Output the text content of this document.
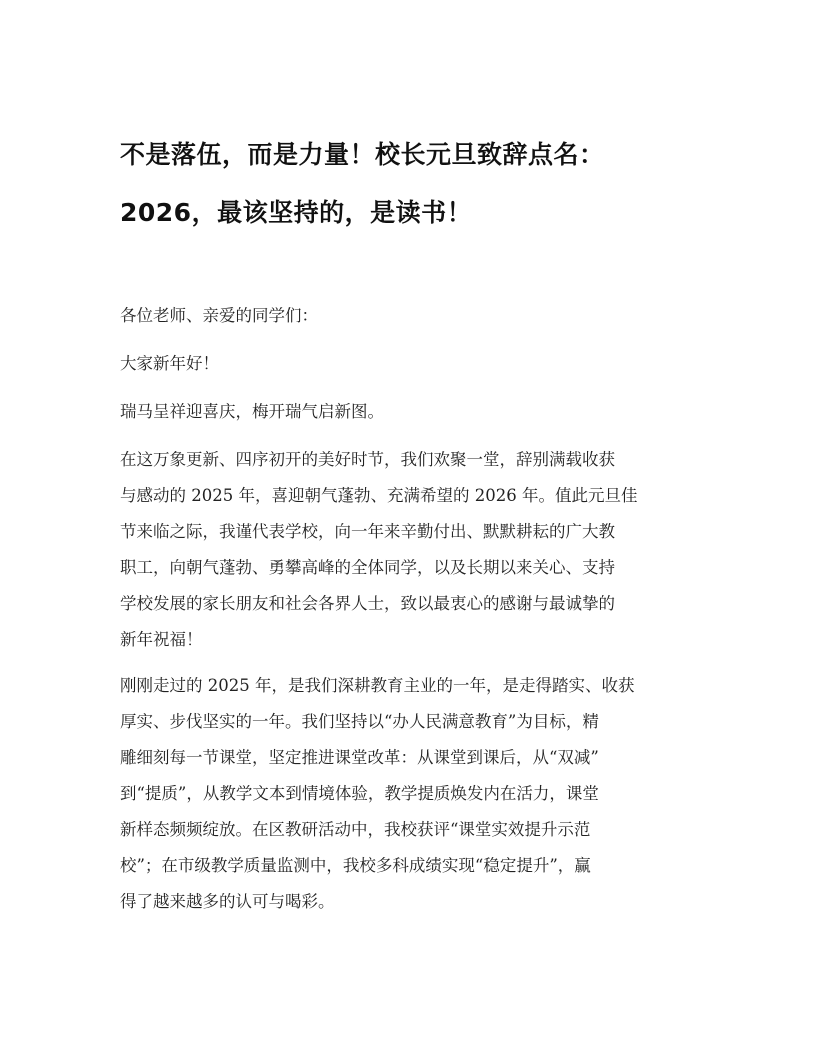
不是落伍，而是力量！校长元旦致辞点名：
2026，最该坚持的，是读书！

各位老师、亲爱的同学们：

大家新年好！

瑞马呈祥迎喜庆，梅开瑞气启新图。

在这万象更新、四序初开的美好时节，我们欢聚一堂，辞别满载收获
与感动的 2025 年，喜迎朝气蓬勃、充满希望的 2026 年。值此元旦佳
节来临之际，我谨代表学校，向一年来辛勤付出、默默耕耘的广大教
职工，向朝气蓬勃、勇攀高峰的全体同学，以及长期以来关心、支持
学校发展的家长朋友和社会各界人士，致以最衷心的感谢与最诚挚的
新年祝福！

刚刚走过的 2025 年，是我们深耕教育主业的一年，是走得踏实、收获
厚实、步伐坚实的一年。我们坚持以“办人民满意教育”为目标，精
雕细刻每一节课堂，坚定推进课堂改革：从课堂到课后，从“双减”
到“提质”，从教学文本到情境体验，教学提质焕发内在活力，课堂
新样态频频绽放。在区教研活动中，我校获评“课堂实效提升示范
校”；在市级教学质量监测中，我校多科成绩实现“稳定提升”，赢
得了越来越多的认可与喝彩。
